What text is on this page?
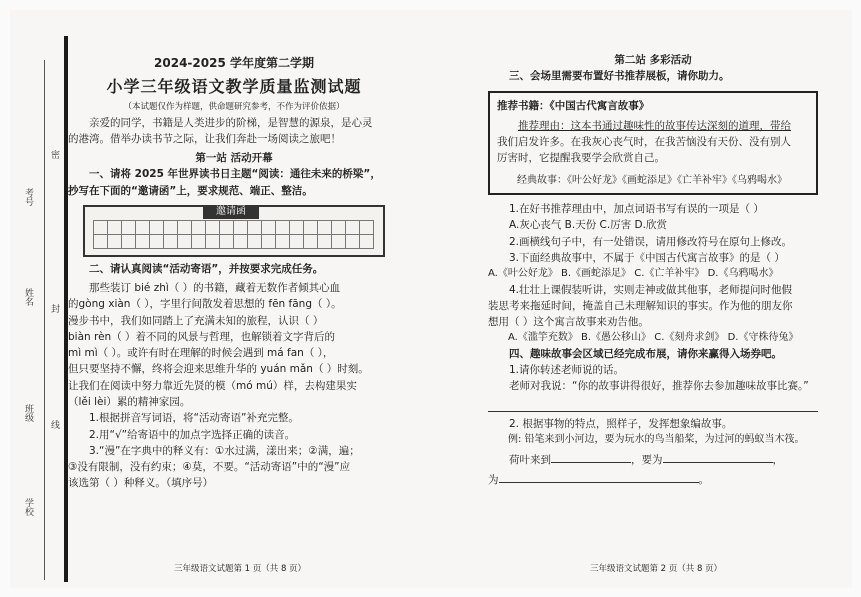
学校
班级
姓名
考号
密
封
线
2024-2025 学年度第二学期
小学三年级语文教学质量监测试题
（本试题仅作为样题，供命题研究参考，不作为评价依据）

亲爱的同学，书籍是人类进步的阶梯，是智慧的源泉，是心灵

的港湾。借举办读书节之际，让我们奔赴一场阅读之旅吧！

第一站 活动开幕

一、请将 2025 年世界读书日主题“阅读：通往未来的桥梁”，

抄写在下面的“邀请函”上，要求规范、端正、整洁。

邀请函

二、请认真阅读“活动寄语”，并按要求完成任务。

那些装订 bié zhì（ ）的书籍，藏着无数作者倾其心血

的gòng xiàn（ ），字里行间散发着思想的 fēn fāng（ ）。

漫步书中，我们如同踏上了充满未知的旅程，认识（ ）

biàn rèn（ ）着不同的风景与哲理，也解锁着文字背后的

mì mì（ ）。或许有时在理解的时候会遇到 má fan（ ），

但只要坚持不懈，终将会迎来思维升华的 yuán mǎn（ ）时刻。

让我们在阅读中努力靠近先贤的模（mó mú）样，去构建果实

（lěi lèi）累的精神家园。

1.根据拼音写词语，将“活动寄语”补充完整。

2.用“√”给寄语中的加点字选择正确的读音。

3.“漫”在字典中的释义有：①水过满，漾出来；②满，遍；

③没有限制，没有约束；④莫，不要。“活动寄语”中的“漫”应

该选第（ ）种释义。（填序号）

三年级语文试题第 1 页（共 8 页）

第二站 多彩活动

三、会场里需要布置好书推荐展板，请你助力。

推荐书籍：《中国古代寓言故事》

推荐理由：这本书通过趣味性的故事传达深刻的道理，带给

我们启发许多。在我灰心丧气时，在我苦恼没有天份、没有别人

厉害时，它提醒我要学会欣赏自己。

经典故事：《叶公好龙》《画蛇添足》《亡羊补牢》《乌鸦喝水》

1.在好书推荐理由中，加点词语书写有误的一项是（ ）

A.灰心丧气 B.天份 C.厉害 D.欣赏

2.画横线句子中，有一处错误，请用修改符号在原句上修改。

3.下面经典故事中，不属于《中国古代寓言故事》的是（ ）

A.《叶公好龙》 B.《画蛇添足》 C.《亡羊补牢》 D.《乌鸦喝水》

4.壮壮上课假装听讲，实则走神或做其他事，老师提问时他假

装思考来拖延时间，掩盖自己未理解知识的事实。作为他的朋友你

想用（ ）这个寓言故事来劝告他。

A.《滥竽充数》 B.《愚公移山》 C.《刻舟求剑》 D.《守株待兔》

四、趣味故事会区域已经完成布展，请你来赢得入场券吧。

1.请你转述老师说的话。

老师对我说：“你的故事讲得很好，推荐你去参加趣味故事比赛。”

2. 根据事物的特点，照样子，发挥想象编故事。

例: 铅笔来到小河边，要为玩水的鸟当船桨，为过河的蚂蚁当木筏。

荷叶来到	，要为	，

为	。

三年级语文试题第 2 页（共 8 页）
